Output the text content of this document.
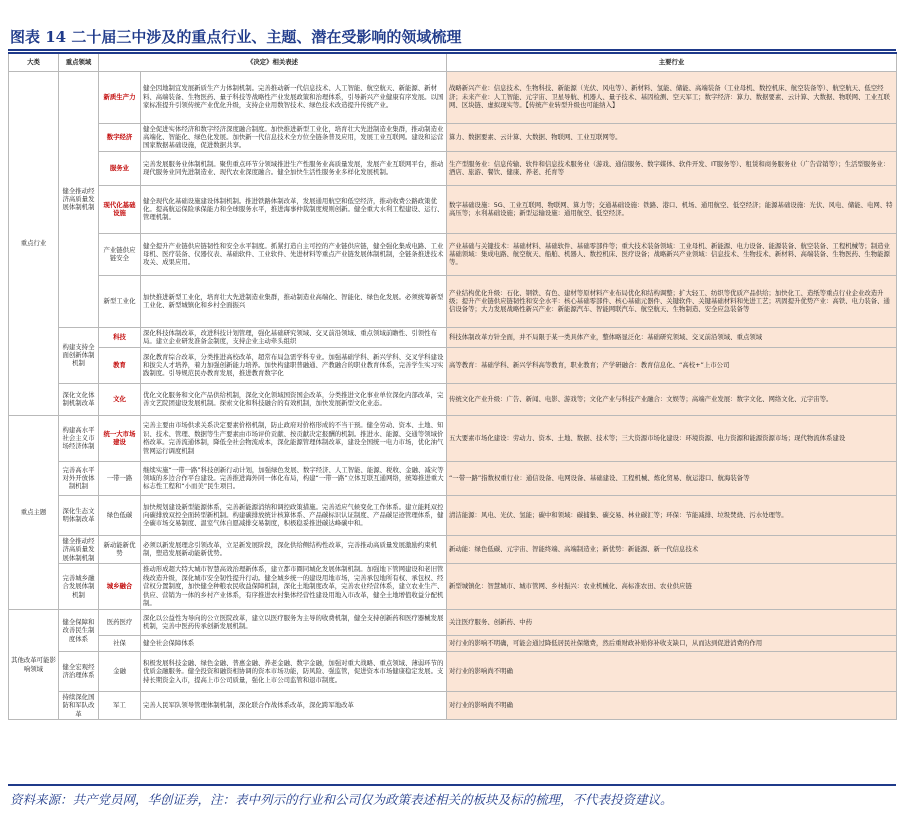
图表 14 二十届三中涉及的重点行业、主题、潜在受影响的领域梳理
大类	重点领域	《决定》相关表述		主要行业
重点行业	健全推动经济高质量发展体制机制	新质生产力	健全因地制宜发展新质生产力体制机制。完善推动新一代信息技术、人工智能、航空航天、新能源、新材料、高端装备、生物医药、量子科技等战略性产业发展政策和治理体系，引导新兴产业健康有序发展。以国家标准提升引领传统产业优化升级，支持企业用数智技术、绿色技术改造提升传统产业。	战略新兴产业：信息技术、生物科技、新能源（光伏、风电等）、新材料、氢能、储能、高端装备（工业母机、数控机床、航空装备等）、航空航天、低空经济；未来产业：人工智能、元宇宙、卫星导航、机器人、量子技术、基因检测、空天军工；数字经济：算力、数据要素、云计算、大数据、物联网、工业互联网、区块链、虚拟现实等。【传统产业转型升级也可能纳入】
		数字经济	健全促进实体经济和数字经济深度融合制度。加快推进新型工业化，培育壮大先进制造业集群，推动制造业高端化、智能化、绿色化发展。加快新一代信息技术全方位全链条普及应用，发展工业互联网。建设和运营国家数据基础设施，促进数据共享。	算力、数据要素、云计算、大数据、物联网、工业互联网等。
		服务业	完善发展服务业体制机制。聚焦重点环节分领域推进生产性服务业高质量发展，发展产业互联网平台，推动现代服务业同先进制造业、现代农业深度融合。健全加快生活性服务业多样化发展机制。	生产型服务业：信息传输、软件和信息技术服务业（游戏、通信服务、数字媒体、软件开发、IT服务等）、租赁和商务服务业（广告营销等）；生活型服务业：酒店、旅游、餐饮、健康、养老、托育等
		现代化基础设施	健全现代化基础设施建设体制机制。推进铁路体制改革，发展通用航空和低空经济，推动收费公路政策优化。提高航运保险承保能力和全球服务水平，推进海事仲裁制度规则创新。健全重大水利工程建设、运行、管理机制。	数字基础设施：5G、工业互联网、物联网、算力等；交通基础设施：铁路、港口、机场、通用航空、低空经济；能源基础设施：光伏、风电、储能、电网、特高压等；水利基础设施；新型运输设施：通用航空、低空经济。
		产业链供应链安全	健全提升产业链供应链韧性和安全水平制度。抓紧打造自主可控的产业链供应链，健全强化集成电路、工业母机、医疗装备、仪器仪表、基础软件、工业软件、先进材料等重点产业链发展体制机制，全链条推进技术攻关、成果应用。	产业基础与关键技术：基础材料、基础软件、基础零部件等；重大技术装备领域：工业母机、新能源、电力设备、能源装备、航空装备、工程机械等；制造业基础领域：集成电路、航空航天、船舶、机器人、数控机床、医疗设备；战略新兴产业领域：信息技术、生物技术、新材料、高端装备、生物医药、生物能源等。
		新型工业化	加快推进新型工业化，培育壮大先进制造业集群，推动制造业高端化、智能化、绿色化发展。必须统筹新型工业化、新型城镇化和乡村全面振兴	产业结构优化升级：石化、钢铁、有色、建材等原材料产业布局优化和结构调整；扩大轻工、纺织等优质产品供给；加快化工、造纸等重点行业企业改造升级；提升产业链供应链韧性和安全水平：核心基础零部件、核心基础元器件、关键软件、关键基础材料和先进工艺；巩固提升优势产业：高铁、电力装备、通信设备等；大力发展战略性新兴产业：新能源汽车、智能网联汽车、航空航天、生物制造、安全应急装备等
	构建支持全面创新体制机制	科技	深化科技体制改革，改进科技计划管理，强化基础研究领域、交叉前沿领域、重点领域前瞻性、引领性布局。建立企业研发准备金制度，支持企业主动牵头组织	科技体制改革方针全面，并不局限于某一类具体产业，整体略显泛化：基础研究领域、交叉前沿领域、重点领域
		教育	深化教育综合改革，分类推进高校改革，超常布局急需学科专业。加强基础学科、新兴学科、交叉学科建设和拔尖人才培养，着力加强创新能力培养。加快构建职普融通、产教融合的职业教育体系，完善学生实习实践制度。引导规范民办教育发展，推进教育数字化	高等教育：基础学科、新兴学科高等教育，职业教育；产学研融合：教育信息化、“高校+”上市公司
	深化文化体制机制改革	文化	优化文化服务和文化产品供给机制，深化文化领域国资国企改革，分类推进文化事业单位深化内部改革，完善文艺院团建设发展机制。探索文化和科技融合的有效机制，加快发展新型文化业态。	传统文化产业升级：广告、新闻、电影、游戏等；文化产业与科技产业融合：文娱等；高端产业发展：数字文化、网络文化、元宇宙等。
重点主题	构建高水平社会主义市场经济体制	统一大市场建设	完善主要由市场供求关系决定要素价格机制，防止政府对价格形成的不当干预。健全劳动、资本、土地、知识、技术、管理、数据等生产要素由市场评价贡献、按贡献决定报酬的机制。推进水、能源、交通等领域价格改革。完善流通体制，降低全社会物流成本，深化能源管理体制改革，建设全国统一电力市场，优化油气管网运行调度机制	五大要素市场化建设：劳动力、资本、土地、数据、技术等；三大资源市场化建设：环境资源、电力资源和能源资源市场；现代物流体系建设
	完善高水平对外开放体制机制	一带一路	继续实施“一带一路”科技创新行动计划，加强绿色发展、数字经济、人工智能、能源、税收、金融、减灾等领域的多边合作平台建设。完善推进海外同一体化布局，构建“一带一路”立体互联互通网络，统筹推进重大标志性工程和“小而美”民生项目。	“一带一路”指数权重行业：通信设备、电网设备、基础建设、工程机械、炼化贸易、航运港口、航海装备等
	深化生态文明体制改革	绿色低碳	加快规划建设新型能源体系，完善新能源消纳和调控政策措施。完善适应气候变化工作体系。建立能耗双控向碳排放双控全面转型新机制。构建碳排放统计核算体系、产品碳标识认证制度、产品碳足迹管理体系，健全碳市场交易制度、温室气体自愿减排交易制度，积极稳妥推进碳达峰碳中和。	清洁能源：风电、光伏、氢能；碳中和领域：碳捕集、碳交易、林业碳汇等；环保：节能减排、垃圾焚烧、污水处理等。
	健全推动经济高质量发展体制机制	新动能新优势	必须以新发展理念引领改革，立足新发展阶段，深化供给侧结构性改革，完善推动高质量发展激励约束机制，塑造发展新动能新优势。	新动能：绿色低碳、元宇宙、智能终端、高端制造业；新优势：新能源、新一代信息技术
	完善城乡融合发展体制机制	城乡融合	推动形成超大特大城市智慧高效治理新体系，建立都市圈同城化发展体制机制。加强地下管网建设和老旧管线改造升级，深化城市安全韧性提升行动。健全城乡统一的建设用地市场，完善承包地所有权、承包权、经营权分置制度，加快健全种粮农民收益保障机制，深化土地制度改革，完善农业经营体系，建立农业生产、供应、营销为一体的乡村产业体系，有序推进农村集体经营性建设用地入市改革，健全土地增值收益分配机制。	新型城镇化：智慧城市、城市管网、乡村振兴：农业机械化、高标准农田、农业供应链
其他改革可能影响领域	健全保障和改善民生制度体系	医药医疗	深化以公益性为导向的公立医院改革，建立以医疗服务为主导的收费机制，健全支持创新药和医疗器械发展机制，完善中医药传承创新发展机制。	关注医疗服务、创新药、中药
		社保	健全社会保障体系	对行业的影响不明确，可能会通过降低居民社保缴费，然后重财政补贴你补收支缺口，从而达到促进消费的作用
	健全宏观经济治理体系	金融	积极发展科技金融、绿色金融、普惠金融、养老金融、数字金融，加强对重大战略、重点领域、薄弱环节的优质金融服务。健全投资和融资相协调的资本市场功能，防风险、强监管，促进资本市场健康稳定发展。支持长期资金入市，提高上市公司质量，强化上市公司监管和退市制度。	对行业的影响尚不明确
	持续深化国防和军队改革	军工	完善人民军队领导管理体制机制，深化联合作战体系改革，深化跨军地改革	对行业的影响尚不明确
资料来源：共产党员网，华创证券，注：表中列示的行业和公司仅为政策表述相关的板块及标的梳理，不代表投资建议。
